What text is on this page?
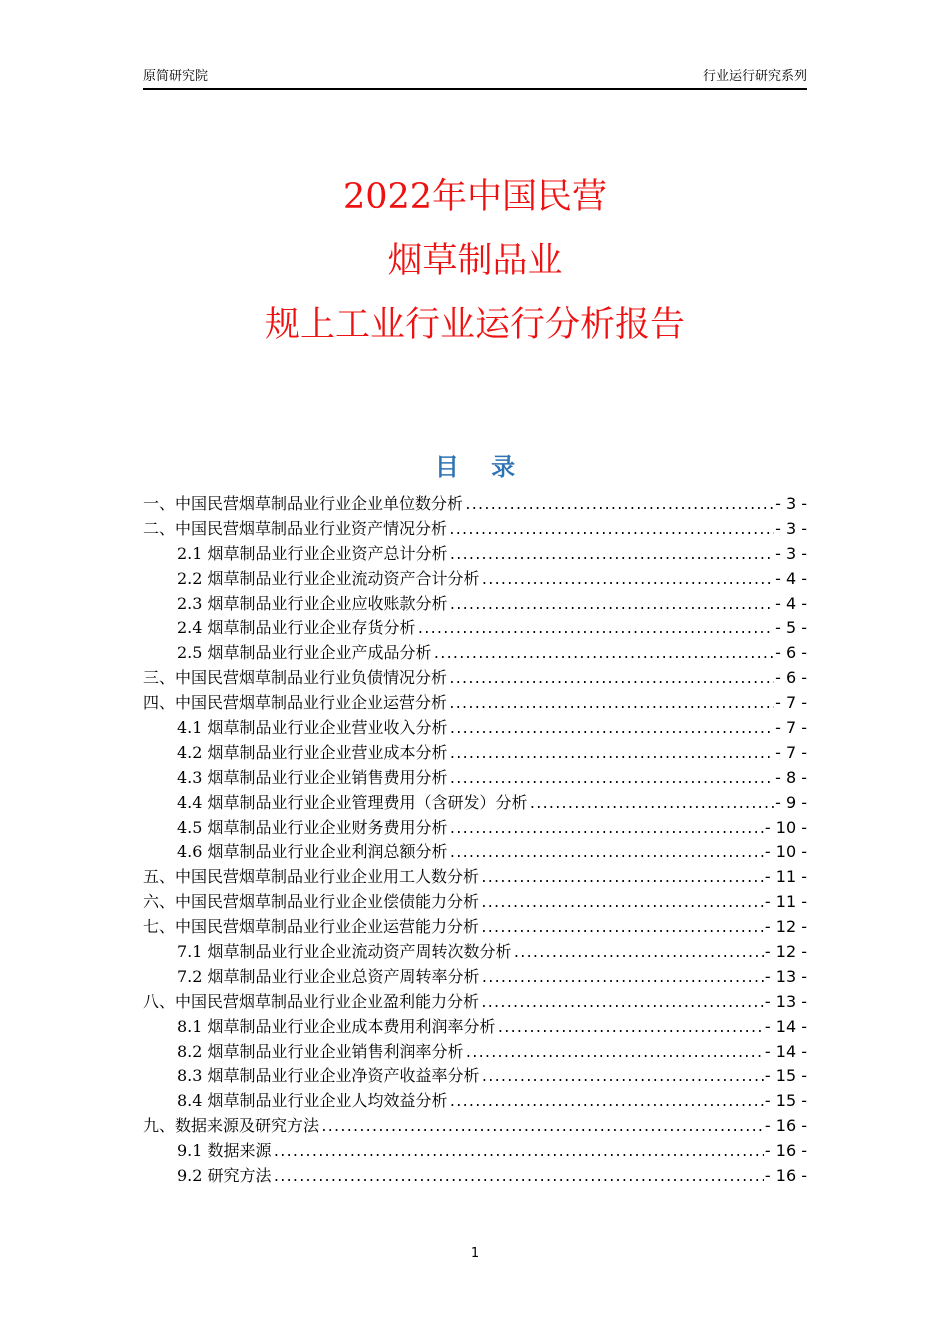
原简研究院	行业运行研究系列
2022年中国民营
烟草制品业
规上工业行业运行分析报告
目 录
一、中国民营烟草制品业行业企业单位数分析 .....	- 3 -
二、中国民营烟草制品业行业资产情况分析 .....	- 3 -
2.1 烟草制品业行业企业资产总计分析 .....	- 3 -
2.2 烟草制品业行业企业流动资产合计分析 .....	- 4 -
2.3 烟草制品业行业企业应收账款分析 .....	- 4 -
2.4 烟草制品业行业企业存货分析 .....	- 5 -
2.5 烟草制品业行业企业产成品分析 .....	- 6 -
三、中国民营烟草制品业行业负债情况分析 .....	- 6 -
四、中国民营烟草制品业行业企业运营分析 .....	- 7 -
4.1 烟草制品业行业企业营业收入分析 .....	- 7 -
4.2 烟草制品业行业企业营业成本分析 .....	- 7 -
4.3 烟草制品业行业企业销售费用分析 .....	- 8 -
4.4 烟草制品业行业企业管理费用（含研发）分析 .....	- 9 -
4.5 烟草制品业行业企业财务费用分析 .....	- 10 -
4.6 烟草制品业行业企业利润总额分析 .....	- 10 -
五、中国民营烟草制品业行业企业用工人数分析 .....	- 11 -
六、中国民营烟草制品业行业企业偿债能力分析 .....	- 11 -
七、中国民营烟草制品业行业企业运营能力分析 .....	- 12 -
7.1 烟草制品业行业企业流动资产周转次数分析 .....	- 12 -
7.2 烟草制品业行业企业总资产周转率分析 .....	- 13 -
八、中国民营烟草制品业行业企业盈利能力分析 .....	- 13 -
8.1 烟草制品业行业企业成本费用利润率分析 .....	- 14 -
8.2 烟草制品业行业企业销售利润率分析 .....	- 14 -
8.3 烟草制品业行业企业净资产收益率分析 .....	- 15 -
8.4 烟草制品业行业企业人均效益分析 .....	- 15 -
九、数据来源及研究方法 .....	- 16 -
9.1 数据来源 .....	- 16 -
9.2 研究方法 .....	- 16 -
1
